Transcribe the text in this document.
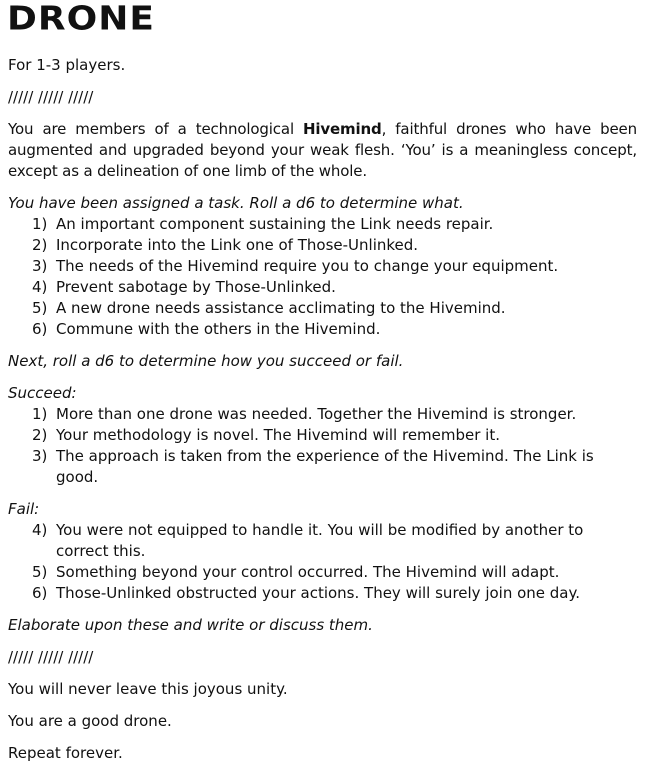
DRONE

For 1-3 players.

///// ///// /////

You are members of a technological Hivemind, faithful drones who have been augmented and upgraded beyond your weak flesh. ‘You’ is a meaningless concept, except as a delineation of one limb of the whole.

You have been assigned a task. Roll a d6 to determine what.

1) An important component sustaining the Link needs repair.
2) Incorporate into the Link one of Those-Unlinked.
3) The needs of the Hivemind require you to change your equipment.
4) Prevent sabotage by Those-Unlinked.
5) A new drone needs assistance acclimating to the Hivemind.
6) Commune with the others in the Hivemind.

Next, roll a d6 to determine how you succeed or fail.

Succeed:

1) More than one drone was needed. Together the Hivemind is stronger.
2) Your methodology is novel. The Hivemind will remember it.
3) The approach is taken from the experience of the Hivemind. The Link is good.

Fail:

4) You were not equipped to handle it. You will be modified by another to correct this.
5) Something beyond your control occurred. The Hivemind will adapt.
6) Those-Unlinked obstructed your actions. They will surely join one day.

Elaborate upon these and write or discuss them.

///// ///// /////

You will never leave this joyous unity.

You are a good drone.

Repeat forever.
